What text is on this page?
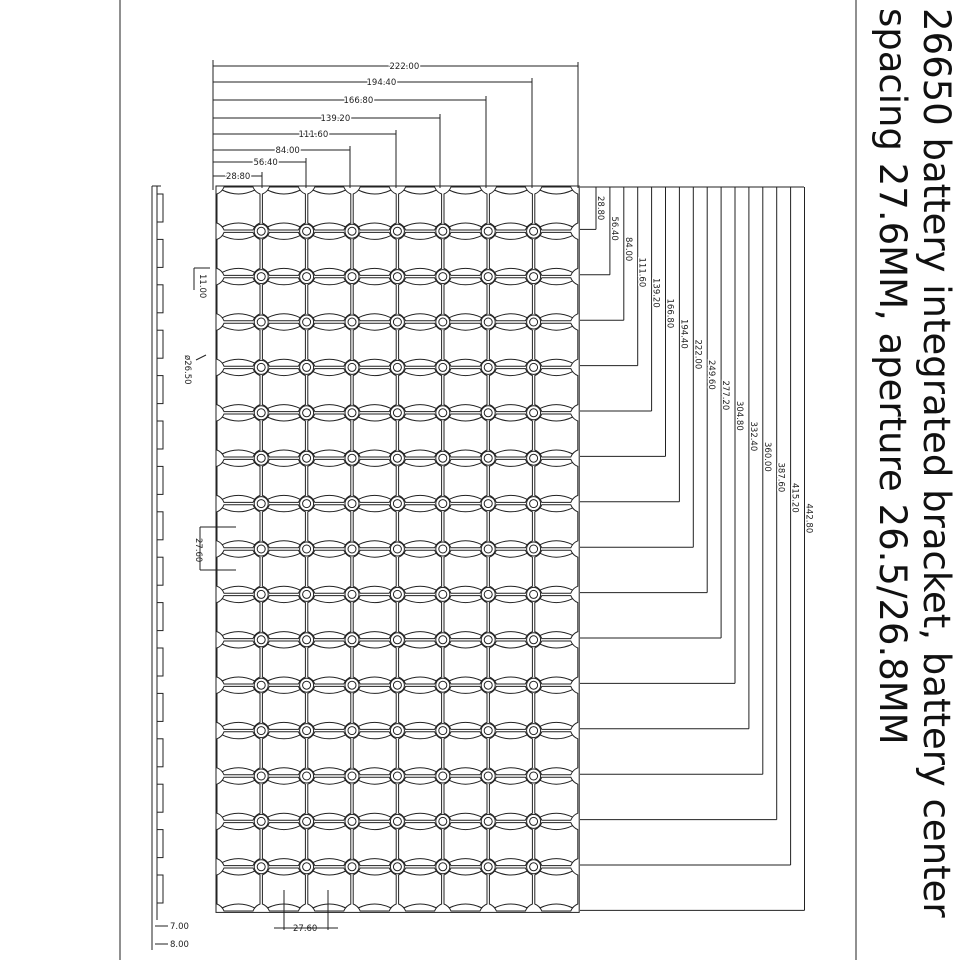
222.00
194.40
166.80
139.20
111.60
84.00
56.40
28.80
28.80
56.40
84.00
111.60
139.20
166.80
194.40
222.00
249.60
277.20
304.80
332.40
360.00
387.60
415.20
442.80
11.00
ø26.50
27.60
27.60
7.00
8.00
26650 battery integrated bracket, battery center
spacing 27.6MM, aperture 26.5/26.8MM
